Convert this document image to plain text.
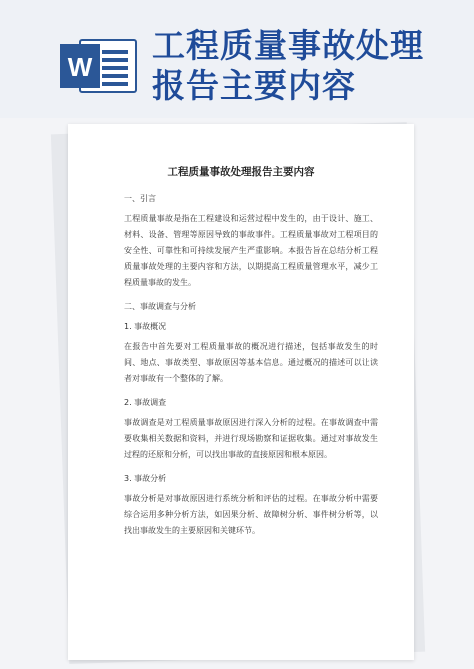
W
工程质量事故处理
报告主要内容
工程质量事故处理报告主要内容
一、引言
工程质量事故是指在工程建设和运营过程中发生的，由于设计、施工、材料、设备、管理等原因导致的事故事件。工程质量事故对工程项目的安全性、可靠性和可持续发展产生严重影响。本报告旨在总结分析工程质量事故处理的主要内容和方法，以期提高工程质量管理水平，减少工程质量事故的发生。
二、事故调查与分析
1. 事故概况
在报告中首先要对工程质量事故的概况进行描述，包括事故发生的时间、地点、事故类型、事故原因等基本信息。通过概况的描述可以让读者对事故有一个整体的了解。
2. 事故调查
事故调查是对工程质量事故原因进行深入分析的过程。在事故调查中需要收集相关数据和资料，并进行现场勘察和证据收集。通过对事故发生过程的还原和分析，可以找出事故的直接原因和根本原因。
3. 事故分析
事故分析是对事故原因进行系统分析和评估的过程。在事故分析中需要综合运用多种分析方法，如因果分析、故障树分析、事件树分析等，以找出事故发生的主要原因和关键环节。
